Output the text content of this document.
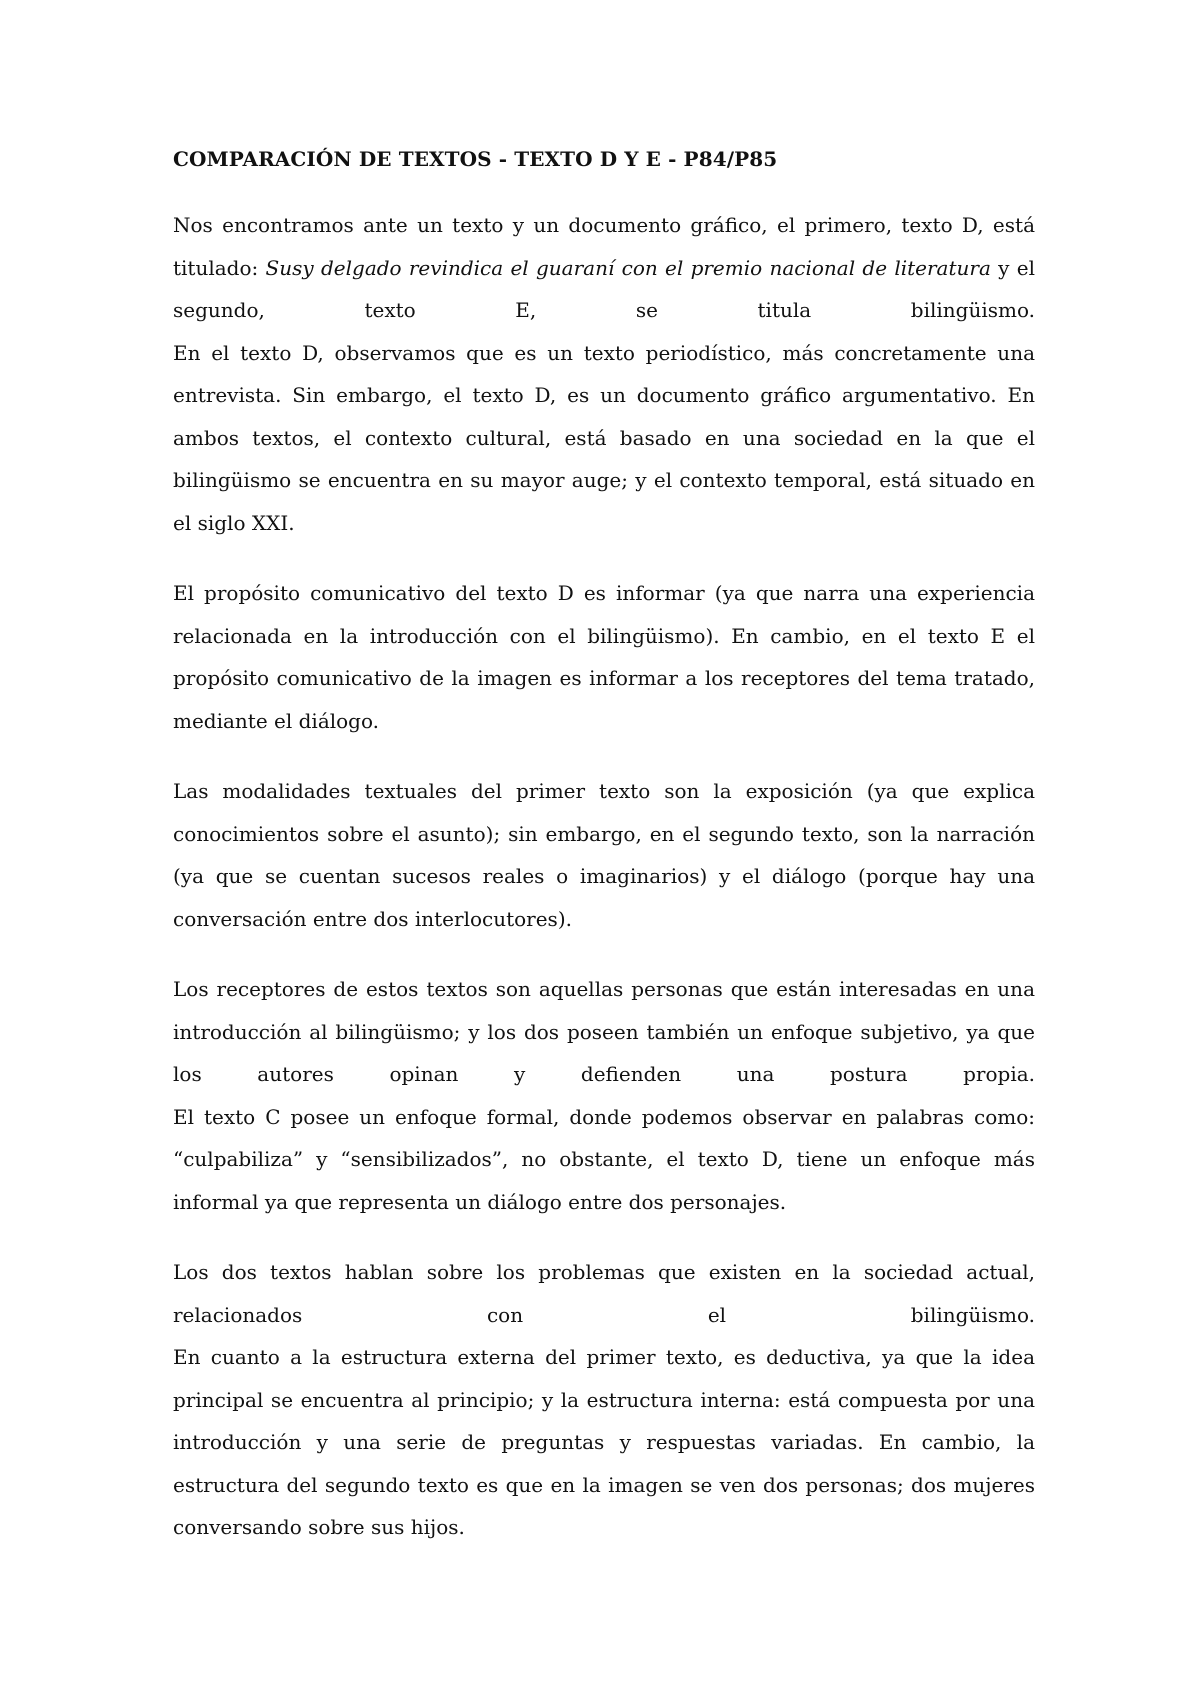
COMPARACIÓN DE TEXTOS - TEXTO D Y E - P84/P85
Nos encontramos ante un texto y un documento gráfico, el primero, texto D, está
titulado: Susy delgado revindica el guaraní con el premio nacional de literatura y el
segundo, texto E, se titula bilingüismo.
En el texto D, observamos que es un texto periodístico, más concretamente una
entrevista. Sin embargo, el texto D, es un documento gráfico argumentativo. En
ambos textos, el contexto cultural, está basado en una sociedad en la que el
bilingüismo se encuentra en su mayor auge; y el contexto temporal, está situado en
el siglo XXI.
El propósito comunicativo del texto D es informar (ya que narra una experiencia
relacionada en la introducción con el bilingüismo). En cambio, en el texto E el
propósito comunicativo de la imagen es informar a los receptores del tema tratado,
mediante el diálogo.
Las modalidades textuales del primer texto son la exposición (ya que explica
conocimientos sobre el asunto); sin embargo, en el segundo texto, son la narración
(ya que se cuentan sucesos reales o imaginarios) y el diálogo (porque hay una
conversación entre dos interlocutores).
Los receptores de estos textos son aquellas personas que están interesadas en una
introducción al bilingüismo; y los dos poseen también un enfoque subjetivo, ya que
los autores opinan y defienden una postura propia.
El texto C posee un enfoque formal, donde podemos observar en palabras como:
“culpabiliza” y “sensibilizados”, no obstante, el texto D, tiene un enfoque más
informal ya que representa un diálogo entre dos personajes.
Los dos textos hablan sobre los problemas que existen en la sociedad actual,
relacionados con el bilingüismo.
En cuanto a la estructura externa del primer texto, es deductiva, ya que la idea
principal se encuentra al principio; y la estructura interna: está compuesta por una
introducción y una serie de preguntas y respuestas variadas. En cambio, la
estructura del segundo texto es que en la imagen se ven dos personas; dos mujeres
conversando sobre sus hijos.
